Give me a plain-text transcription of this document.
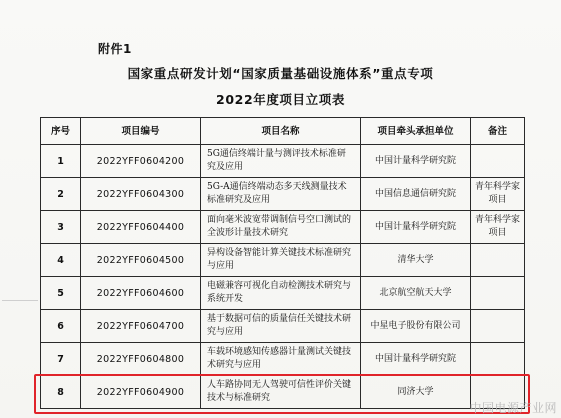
附件1
国家重点研发计划“国家质量基础设施体系”重点专项
2022年度项目立项表
序号	项目编号	项目名称	项目牵头承担单位	备注
1	2022YFF0604200	5G通信终端计量与测评技术标准研究及应用	中国计量科学研究院	
2	2022YFF0604300	5G-A通信终端动态多天线测量技术标准研究及应用	中国信息通信研究院	青年科学家项目
3	2022YFF0604400	面向毫米波宽带调制信号空口测试的全波形计量技术研究	中国计量科学研究院	青年科学家项目
4	2022YFF0604500	异构设备智能计算关键技术标准研究与应用	清华大学	
5	2022YFF0604600	电磁兼容可视化自动检测技术研究与系统开发	北京航空航天大学	
6	2022YFF0604700	基于数据可信的质量信任关键技术研究与应用	中星电子股份有限公司	
7	2022YFF0604800	车载环境感知传感器计量测试关键技术研究与应用	中国计量科学研究院	
8	2022YFF0604900	人车路协同无人驾驶可信性评价关键技术与标准研究	同济大学	
中国电源产业网
